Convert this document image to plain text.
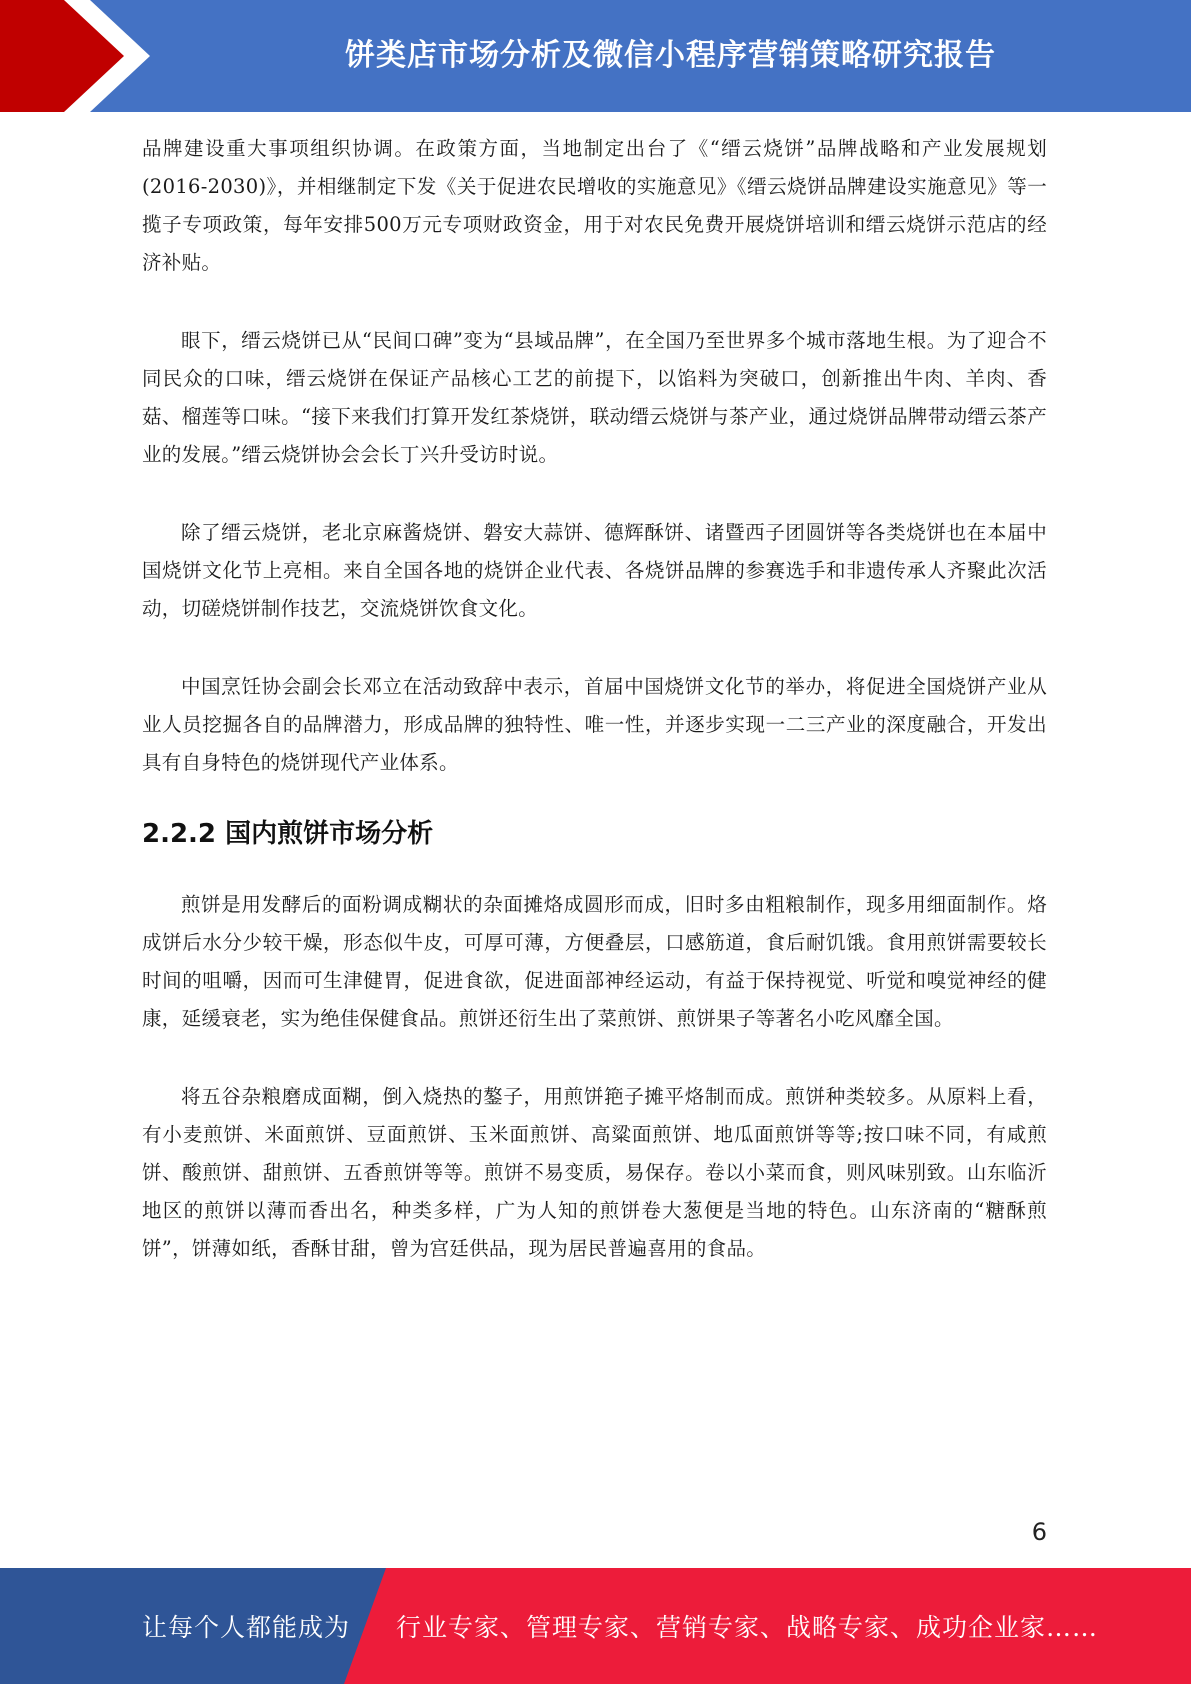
饼类店市场分析及微信小程序营销策略研究报告

品牌建设重大事项组织协调。在政策方面，当地制定出台了《“缙云烧饼”品牌战略和产业发展规划(2016-2030)》，并相继制定下发《关于促进农民增收的实施意见》《缙云烧饼品牌建设实施意见》等一揽子专项政策，每年安排500万元专项财政资金，用于对农民免费开展烧饼培训和缙云烧饼示范店的经济补贴。

眼下，缙云烧饼已从“民间口碑”变为“县域品牌”，在全国乃至世界多个城市落地生根。为了迎合不同民众的口味，缙云烧饼在保证产品核心工艺的前提下，以馅料为突破口，创新推出牛肉、羊肉、香菇、榴莲等口味。“接下来我们打算开发红茶烧饼，联动缙云烧饼与茶产业，通过烧饼品牌带动缙云茶产业的发展。”缙云烧饼协会会长丁兴升受访时说。

除了缙云烧饼，老北京麻酱烧饼、磐安大蒜饼、德辉酥饼、诸暨西子团圆饼等各类烧饼也在本届中国烧饼文化节上亮相。来自全国各地的烧饼企业代表、各烧饼品牌的参赛选手和非遗传承人齐聚此次活动，切磋烧饼制作技艺，交流烧饼饮食文化。

中国烹饪协会副会长邓立在活动致辞中表示，首届中国烧饼文化节的举办，将促进全国烧饼产业从业人员挖掘各自的品牌潜力，形成品牌的独特性、唯一性，并逐步实现一二三产业的深度融合，开发出具有自身特色的烧饼现代产业体系。

2.2.2 国内煎饼市场分析

煎饼是用发酵后的面粉调成糊状的杂面摊烙成圆形而成，旧时多由粗粮制作，现多用细面制作。烙成饼后水分少较干燥，形态似牛皮，可厚可薄，方便叠层，口感筋道，食后耐饥饿。食用煎饼需要较长时间的咀嚼，因而可生津健胃，促进食欲，促进面部神经运动，有益于保持视觉、听觉和嗅觉神经的健康，延缓衰老，实为绝佳保健食品。煎饼还衍生出了菜煎饼、煎饼果子等著名小吃风靡全国。

将五谷杂粮磨成面糊，倒入烧热的鏊子，用煎饼筢子摊平烙制而成。煎饼种类较多。从原料上看，有小麦煎饼、米面煎饼、豆面煎饼、玉米面煎饼、高粱面煎饼、地瓜面煎饼等等;按口味不同，有咸煎饼、酸煎饼、甜煎饼、五香煎饼等等。煎饼不易变质，易保存。卷以小菜而食，则风味别致。山东临沂地区的煎饼以薄而香出名，种类多样，广为人知的煎饼卷大葱便是当地的特色。山东济南的“糖酥煎饼”，饼薄如纸，香酥甘甜，曾为宫廷供品，现为居民普遍喜用的食品。

6
让每个人都能成为 行业专家、管理专家、营销专家、战略专家、成功企业家……
